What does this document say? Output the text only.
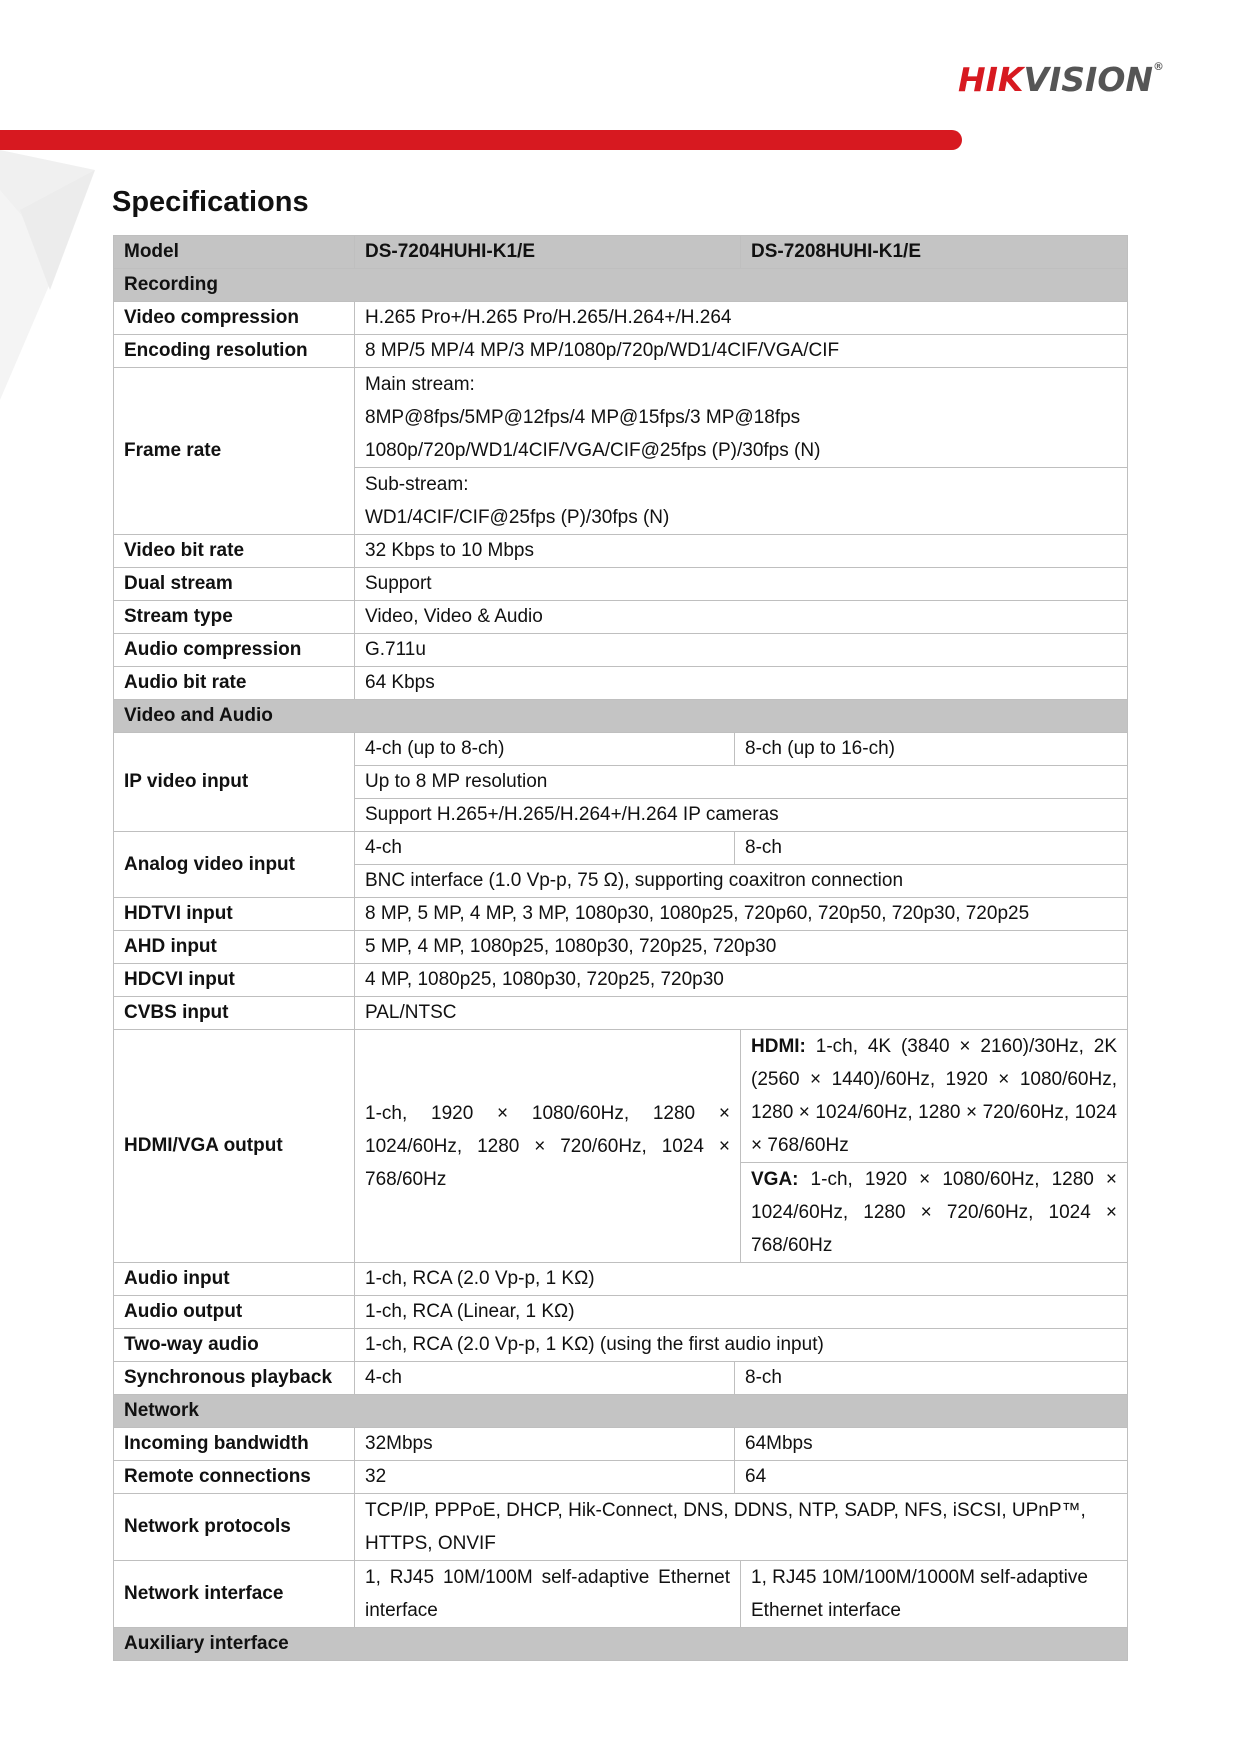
HIKVISION®
Specifications
Model	DS-7204HUHI-K1/E		DS-7208HUHI-K1/E
Recording			
Video compression	H.265 Pro+/H.265 Pro/H.265/H.264+/H.264		
Encoding resolution	8 MP/5 MP/4 MP/3 MP/1080p/720p/WD1/4CIF/VGA/CIF		
Frame rate	Main stream:
8MP@8fps/5MP@12fps/4 MP@15fps/3 MP@18fps
1080p/720p/WD1/4CIF/VGA/CIF@25fps (P)/30fps (N)		

	Sub-stream:
WD1/4CIF/CIF@25fps (P)/30fps (N)		

Video bit rate	32 Kbps to 10 Mbps		
Dual stream	Support		
Stream type	Video, Video & Audio		
Audio compression	G.711u		
Audio bit rate	64 Kbps		
Video and Audio			
IP video input	4-ch (up to 8-ch)	8-ch (up to 16-ch)	
	Up to 8 MP resolution		
	Support H.265+/H.265/H.264+/H.264 IP cameras		
Analog video input	4-ch	8-ch	
	BNC interface (1.0 Vp-p, 75 Ω), supporting coaxitron connection		
HDTVI input	8 MP, 5 MP, 4 MP, 3 MP, 1080p30, 1080p25, 720p60, 720p50, 720p30, 720p25		
AHD input	5 MP, 4 MP, 1080p25, 1080p30, 720p25, 720p30		
HDCVI input	4 MP, 1080p25, 1080p30, 720p25, 720p30		
CVBS input	PAL/NTSC		
HDMI/VGA output	1-ch, 1920 × 1080/60Hz, 1280 × 1024/60Hz, 1280 × 720/60Hz, 1024 × 768/60Hz		HDMI: 1-ch, 4K (3840 × 2160)/30Hz, 2K (2560 × 1440)/60Hz, 1920 × 1080/60Hz, 1280 × 1024/60Hz, 1280 × 720/60Hz, 1024 × 768/60Hz
			VGA: 1-ch, 1920 × 1080/60Hz, 1280 × 1024/60Hz, 1280 × 720/60Hz, 1024 × 768/60Hz
Audio input	1-ch, RCA (2.0 Vp-p, 1 KΩ)		
Audio output	1-ch, RCA (Linear, 1 KΩ)		
Two-way audio	1-ch, RCA (2.0 Vp-p, 1 KΩ) (using the first audio input)		
Synchronous playback	4-ch	8-ch	
Network			
Incoming bandwidth	32Mbps	64Mbps	
Remote connections	32	64	
Network protocols	TCP/IP, PPPoE, DHCP, Hik-Connect, DNS, DDNS, NTP, SADP, NFS, iSCSI, UPnP™, HTTPS, ONVIF		
Network interface	1, RJ45 10M/100M self-adaptive Ethernet interface		1, RJ45 10M/100M/1000M self-adaptive Ethernet interface
Auxiliary interface			
